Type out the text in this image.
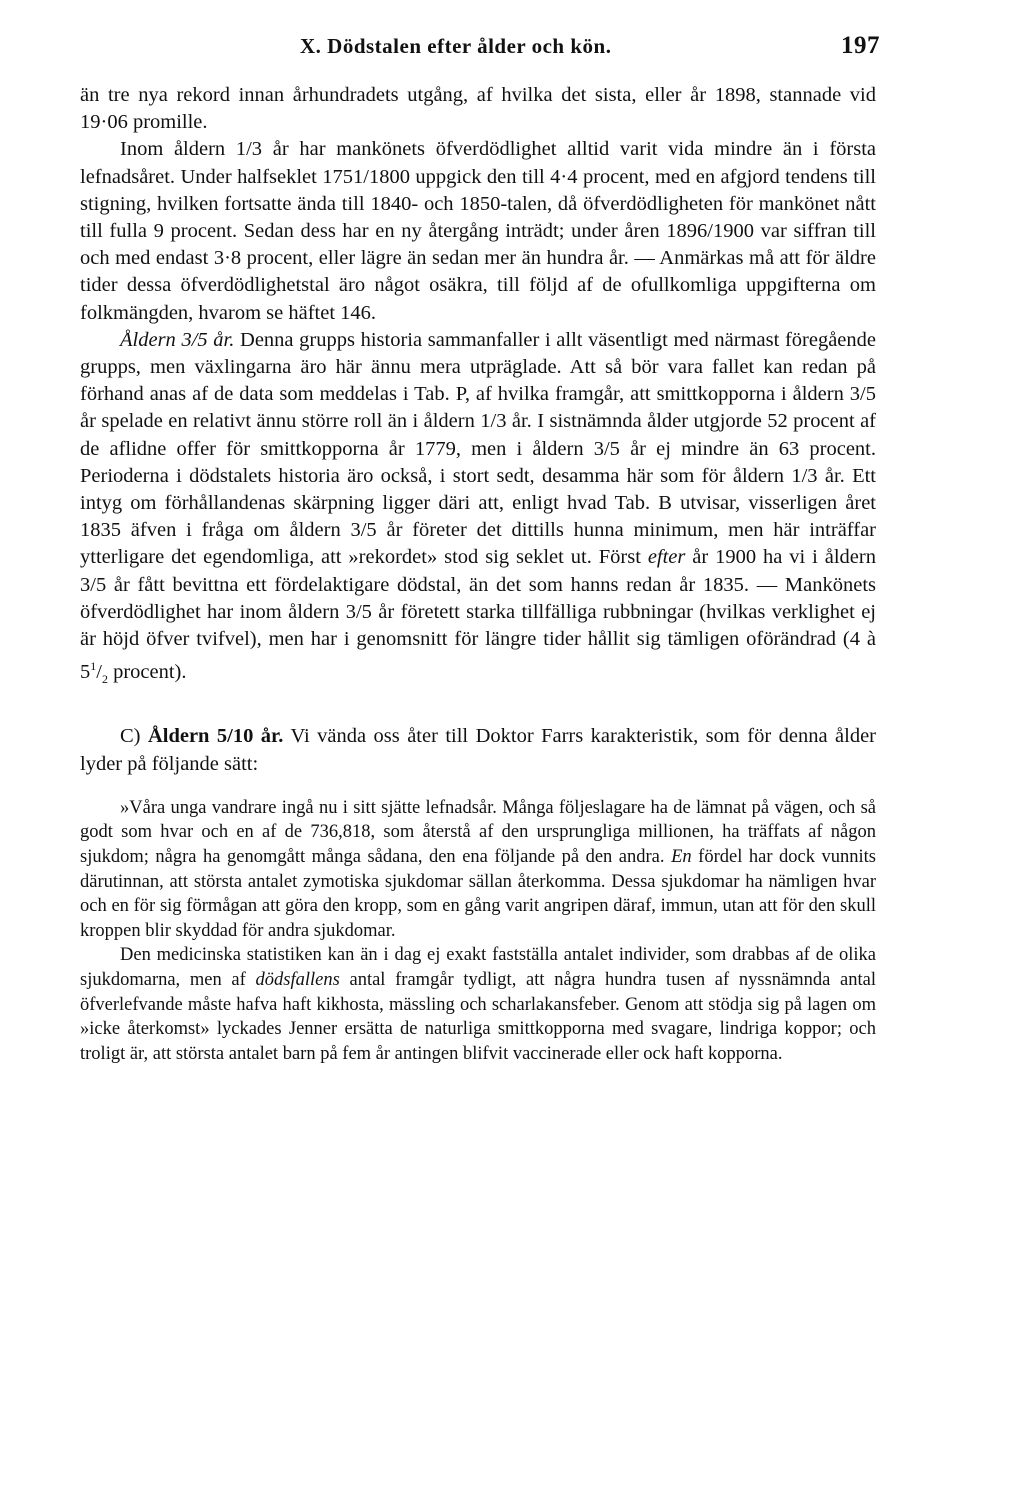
X. Dödstalen efter ålder och kön.	197

än tre nya rekord innan århundradets utgång, af hvilka det sista, eller år 1898, stannade vid 19·06 promille.

Inom åldern 1/3 år har mankönets öfverdödlighet alltid varit vida mindre än i första lefnadsåret. Under halfseklet 1751/1800 uppgick den till 4·4 procent, med en afgjord tendens till stigning, hvilken fortsatte ända till 1840- och 1850-talen, då öfverdödligheten för mankönet nått till fulla 9 procent. Sedan dess har en ny återgång inträdt; under åren 1896/1900 var siffran till och med endast 3·8 procent, eller lägre än sedan mer än hundra år. — Anmärkas må att för äldre tider dessa öfverdödlighetstal äro något osäkra, till följd af de ofullkomliga uppgifterna om folkmängden, hvarom se häftet 146.

Åldern 3/5 år. Denna grupps historia sammanfaller i allt väsentligt med närmast föregående grupps, men växlingarna äro här ännu mera utpräglade. Att så bör vara fallet kan redan på förhand anas af de data som meddelas i Tab. P, af hvilka framgår, att smittkopporna i åldern 3/5 år spelade en relativt ännu större roll än i åldern 1/3 år. I sistnämnda ålder utgjorde 52 procent af de aflidne offer för smittkopporna år 1779, men i åldern 3/5 år ej mindre än 63 procent. Perioderna i dödstalets historia äro också, i stort sedt, desamma här som för åldern 1/3 år. Ett intyg om förhållandenas skärpning ligger däri att, enligt hvad Tab. B utvisar, visserligen året 1835 äfven i fråga om åldern 3/5 år företer det dittills hunna minimum, men här inträffar ytterligare det egendomliga, att »rekordet» stod sig seklet ut. Först efter år 1900 ha vi i åldern 3/5 år fått bevittna ett fördelaktigare dödstal, än det som hanns redan år 1835. — Mankönets öfverdödlighet har inom åldern 3/5 år företett starka tillfälliga rubbningar (hvilkas verklighet ej är höjd öfver tvifvel), men har i genomsnitt för längre tider hållit sig tämligen oförändrad (4 à $5^1/_2$ procent).

C) Åldern 5/10 år. Vi vända oss åter till Doktor Farrs karakteristik, som för denna ålder lyder på följande sätt:

»Våra unga vandrare ingå nu i sitt sjätte lefnadsår. Många följeslagare ha de lämnat på vägen, och så godt som hvar och en af de 736,818, som återstå af den ursprungliga millionen, ha träffats af någon sjukdom; några ha genomgått många sådana, den ena följande på den andra. En fördel har dock vunnits därutinnan, att största antalet zymotiska sjukdomar sällan återkomma. Dessa sjukdomar ha nämligen hvar och en för sig förmågan att göra den kropp, som en gång varit angripen däraf, immun, utan att för den skull kroppen blir skyddad för andra sjukdomar.

Den medicinska statistiken kan än i dag ej exakt fastställa antalet individer, som drabbas af de olika sjukdomarna, men af dödsfallens antal framgår tydligt, att några hundra tusen af nyssnämnda antal öfverlefvande måste hafva haft kikhosta, mässling och scharlakansfeber. Genom att stödja sig på lagen om »icke återkomst» lyckades Jenner ersätta de naturliga smittkopporna med svagare, lindriga koppor; och troligt är, att största antalet barn på fem år antingen blifvit vaccinerade eller ock haft kopporna.
